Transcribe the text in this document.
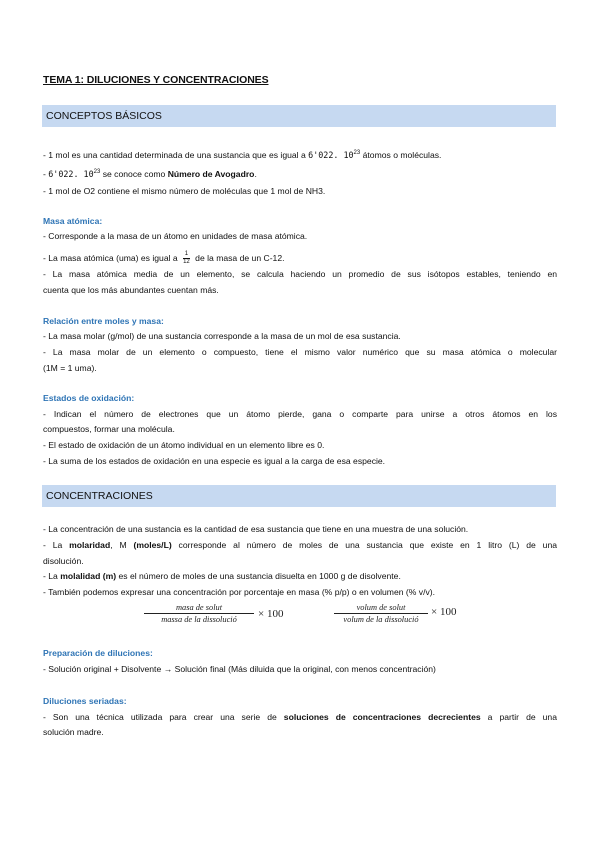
TEMA 1: DILUCIONES Y CONCENTRACIONES
CONCEPTOS BÁSICOS
- 1 mol es una cantidad determinada de una sustancia que es igual a 6'022. $10^{23}$ átomos o moléculas.
- 6'022. $10^{23}$ se conoce como Número de Avogadro.
- 1 mol de O2 contiene el mismo número de moléculas que 1 mol de NH3.
Masa atómica:
- Corresponde a la masa de un átomo en unidades de masa atómica.
- La masa atómica (uma) es igual a $\frac{1}{12}$ de la masa de un C-12.
- La masa atómica media de un elemento, se calcula haciendo un promedio de sus isótopos estables, teniendo en
cuenta que los más abundantes cuentan más.
Relación entre moles y masa:
- La masa molar (g/mol) de una sustancia corresponde a la masa de un mol de esa sustancia.
- La masa molar de un elemento o compuesto, tiene el mismo valor numérico que su masa atómica o molecular
(1M = 1 uma).
Estados de oxidación:
- Indican el número de electrones que un átomo pierde, gana o comparte para unirse a otros átomos en los
compuestos, formar una molécula.
- El estado de oxidación de un átomo individual en un elemento libre es 0.
- La suma de los estados de oxidación en una especie es igual a la carga de esa especie.
CONCENTRACIONES
- La concentración de una sustancia es la cantidad de esa sustancia que tiene en una muestra de una solución.
- La molaridad, M (moles/L) corresponde al número de moles de una sustancia que existe en 1 litro (L) de una
disolución.
- La molalidad (m) es el número de moles de una sustancia disuelta en 1000 g de disolvente.
- También podemos expresar una concentración por porcentaje en masa (% p/p) o en volumen (% v/v).
masa de solut
massa de la dissolució	× 100
volum de solut
volum de la dissolució
× 100
Preparación de diluciones:
- Solución original + Disolvente → Solución final (Más diluida que la original, con menos concentración)
Diluciones seriadas:
- Son una técnica utilizada para crear una serie de soluciones de concentraciones decrecientes a partir de una
solución madre.
